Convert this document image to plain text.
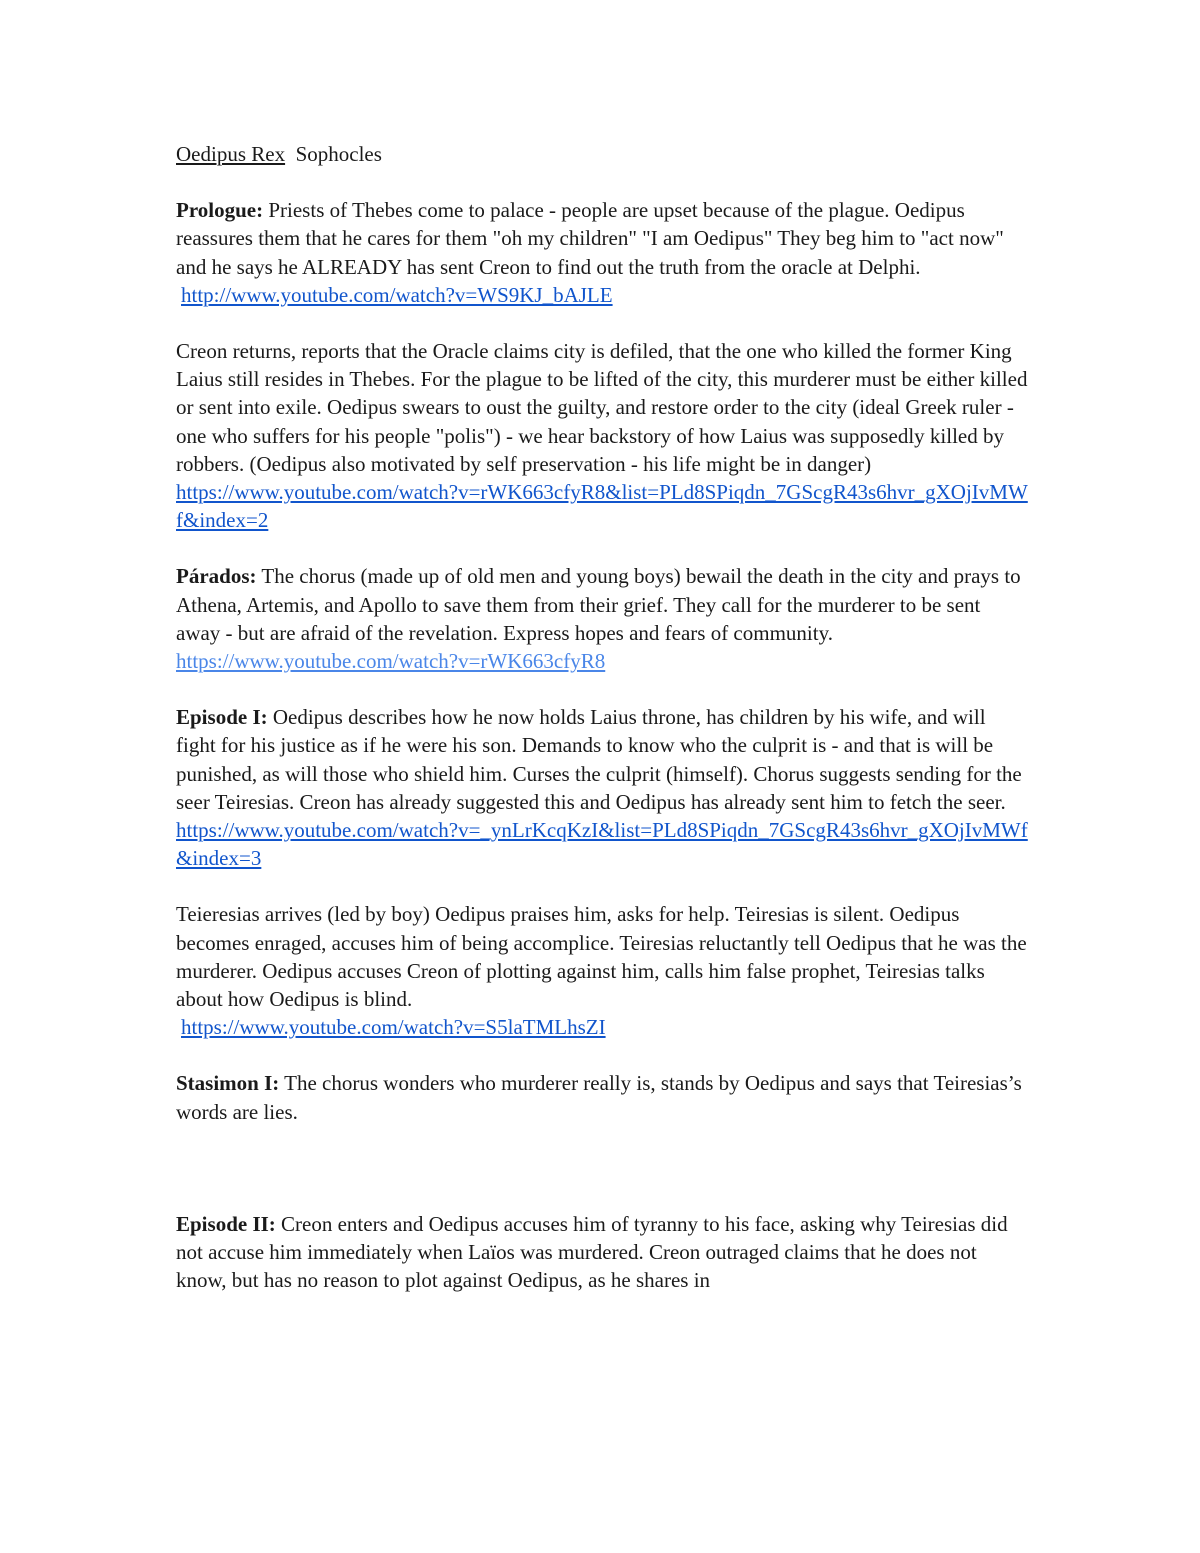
Oedipus Rex Sophocles

Prologue: Priests of Thebes come to palace - people are upset because of the plague. Oedipus reassures them that he cares for them "oh my children" "I am Oedipus" They beg him to "act now" and he says he ALREADY has sent Creon to find out the truth from the oracle at Delphi.

http://www.youtube.com/watch?v=WS9KJ_bAJLE

Creon returns, reports that the Oracle claims city is defiled, that the one who killed the former King Laius still resides in Thebes. For the plague to be lifted of the city, this murderer must be either killed or sent into exile. Oedipus swears to oust the guilty, and restore order to the city (ideal Greek ruler - one who suffers for his people "polis") - we hear backstory of how Laius was supposedly killed by robbers. (Oedipus also motivated by self preservation - his life might be in danger)

https://www.youtube.com/watch?v=rWK663cfyR8&list=PLd8SPiqdn_7GScgR43s6hvr_gXOjIvMWf&index=2

Párados: The chorus (made up of old men and young boys) bewail the death in the city and prays to Athena, Artemis, and Apollo to save them from their grief. They call for the murderer to be sent away - but are afraid of the revelation. Express hopes and fears of community.

https://www.youtube.com/watch?v=rWK663cfyR8

Episode I: Oedipus describes how he now holds Laius throne, has children by his wife, and will fight for his justice as if he were his son. Demands to know who the culprit is - and that is will be punished, as will those who shield him. Curses the culprit (himself). Chorus suggests sending for the seer Teiresias. Creon has already suggested this and Oedipus has already sent him to fetch the seer.

https://www.youtube.com/watch?v=_ynLrKcqKzI&list=PLd8SPiqdn_7GScgR43s6hvr_gXOjIvMWf&index=3

Teieresias arrives (led by boy) Oedipus praises him, asks for help. Teiresias is silent. Oedipus becomes enraged, accuses him of being accomplice. Teiresias reluctantly tell Oedipus that he was the murderer. Oedipus accuses Creon of plotting against him, calls him false prophet, Teiresias talks about how Oedipus is blind.

https://www.youtube.com/watch?v=S5laTMLhsZI

Stasimon I: The chorus wonders who murderer really is, stands by Oedipus and says that Teiresias’s words are lies.

Episode II: Creon enters and Oedipus accuses him of tyranny to his face, asking why Teiresias did not accuse him immediately when Laïos was murdered. Creon outraged claims that he does not know, but has no reason to plot against Oedipus, as he shares in
